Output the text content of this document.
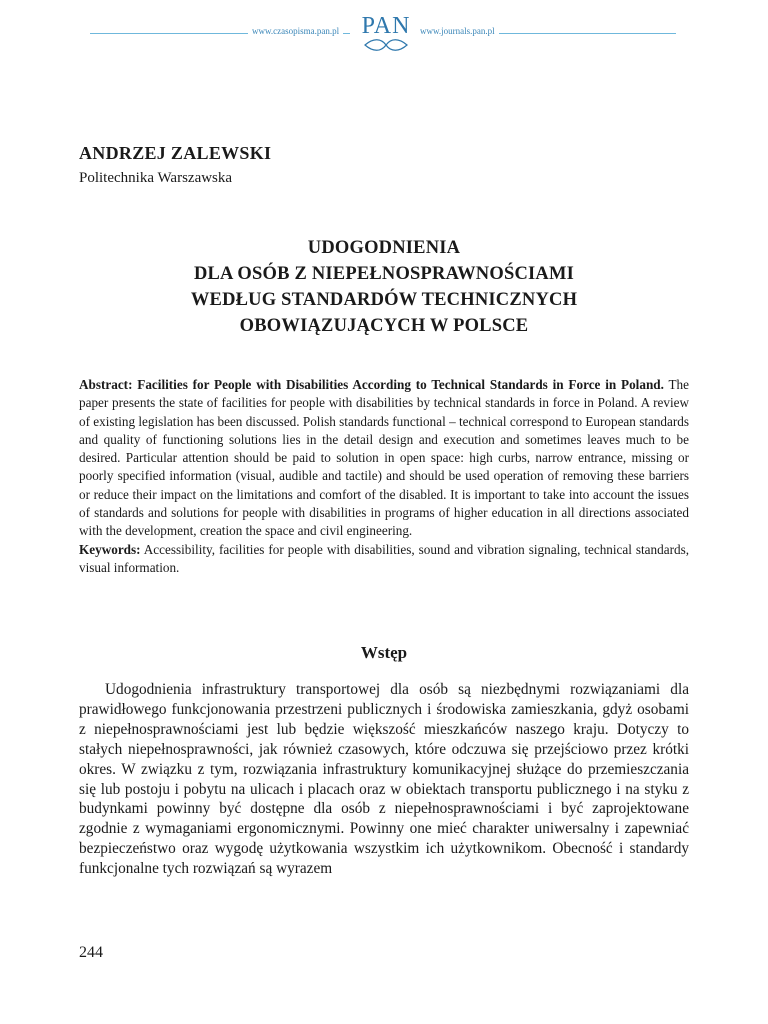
www.czasopisma.pan.pl PAN	www.journals.pan.pl
ANDRZEJ ZALEWSKI
Politechnika Warszawska
UDOGODNIENIA
DLA OSÓB Z NIEPEŁNOSPRAWNOŚCIAMI
WEDŁUG STANDARDÓW TECHNICZNYCH
OBOWIĄZUJĄCYCH W POLSCE
Abstract: Facilities for People with Disabilities According to Technical Standards in Force in Poland. The paper presents the state of facilities for people with disabilities by technical standards in force in Poland. A review of existing legislation has been discussed. Polish standards functional – technical correspond to European standards and quality of functioning solutions lies in the detail design and execution and sometimes leaves much to be desired. Particular attention should be paid to solution in open space: high curbs, narrow entrance, missing or poorly specified information (visual, audible and tactile) and should be used operation of removing these barriers or reduce their impact on the limitations and comfort of the disabled. It is important to take into account the issues of standards and solutions for people with disabilities in programs of higher education in all directions associated with the development, creation the space and civil engineering.
Keywords: Accessibility, facilities for people with disabilities, sound and vibration signaling, technical standards, visual information.
Wstęp
Udogodnienia infrastruktury transportowej dla osób są niezbędnymi rozwiązaniami dla prawidłowego funkcjonowania przestrzeni publicznych i środowiska zamieszkania, gdyż osobami z niepełnosprawnościami jest lub będzie większość mieszkańców naszego kraju. Dotyczy to stałych niepełnosprawności, jak również czasowych, które odczuwa się przejściowo przez krótki okres. W związku z tym, rozwiązania infrastruktury komunikacyjnej służące do przemieszczania się lub postoju i pobytu na ulicach i placach oraz w obiektach transportu publicznego i na styku z budynkami powinny być dostępne dla osób z niepełnosprawnościami i być zaprojektowane zgodnie z wymaganiami ergonomicznymi. Powinny one mieć charakter uniwersalny i zapewniać bezpieczeństwo oraz wygodę użytkowania wszystkim ich użytkownikom. Obecność i standardy funkcjonalne tych rozwiązań są wyrazem
244
